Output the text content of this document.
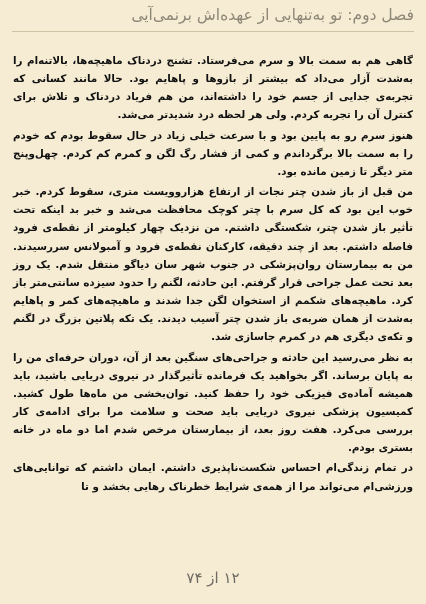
فصل دوم: تو به‌تنهایی از عهده‌اش برنمی‌آیی

گاهی هم به سمت بالا و سرم می‌فرستاد. تشنج دردناک ماهیچه‌ها، بالاتنه‌ام را به‌شدت آزار می‌داد که بیشتر از بازوها و پاهایم بود. حالا مانند کسانی که تجربه‌ی جدایی از جسم خود را داشته‌اند، من هم فریاد دردناک و تلاش برای کنترل آن را تجربه کردم. ولی هر لحظه درد شدیدتر می‌شد.

هنوز سرم رو به پایین بود و با سرعت خیلی زیاد در حال سقوط بودم که خودم را به سمت بالا برگرداندم و کمی از فشار رگ لگن و کمرم کم کردم. چهل‌وپنج متر دیگر تا زمین مانده بود.

من قبل از باز شدن چتر نجات از ارتفاع هزاروویست متری، سقوط کردم. خبر خوب این بود که کل سرم با چتر کوچک محافظت می‌شد و خبر بد اینکه تحت تأثیر باز شدن چتر، شکستگی داشتم. من نزدیک چهار کیلومتر از نقطه‌ی فرود فاصله داشتم. بعد از چند دقیقه، کارکنان نقطه‌ی فرود و آمبولانس سررسیدند. من به بیمارستان روان‌پزشکی در جنوب شهر سان دیاگو منتقل شدم. یک روز بعد تحت عمل جراحی قرار گرفتم. این حادثه، لگنم را حدود سیزده سانتی‌متر باز کرد. ماهیچه‌های شکمم از استخوان لگن جدا شدند و ماهیچه‌های کمر و پاهایم به‌شدت از همان ضربه‌ی باز شدن چتر آسیب دیدند. یک تکه پلاتین بزرگ در لگنم و تکه‌ی دیگری هم در کمرم جاسازی شد.

به نظر می‌رسید این حادثه و جراحی‌های سنگین بعد از آن، دوران حرفه‌ای من را به پایان برساند. اگر بخواهید یک فرمانده تأثیرگذار در نیروی دریایی باشید، باید همیشه آماده‌ی فیزیکی خود را حفظ کنید. توان‌بخشی من ماه‌ها طول کشید. کمیسیون پزشکی نیروی دریایی باید صحت و سلامت مرا برای ادامه‌ی کار بررسی می‌کرد. هفت روز بعد، از بیمارستان مرخص شدم اما دو ماه در خانه بستری بودم.

در تمام زندگی‌ام احساس شکست‌ناپذیری داشتم. ایمان داشتم که توانایی‌های ورزشی‌ام می‌تواند مرا از همه‌ی شرایط خطرناک رهایی بخشد و تا

۱۲ از ۷۴
